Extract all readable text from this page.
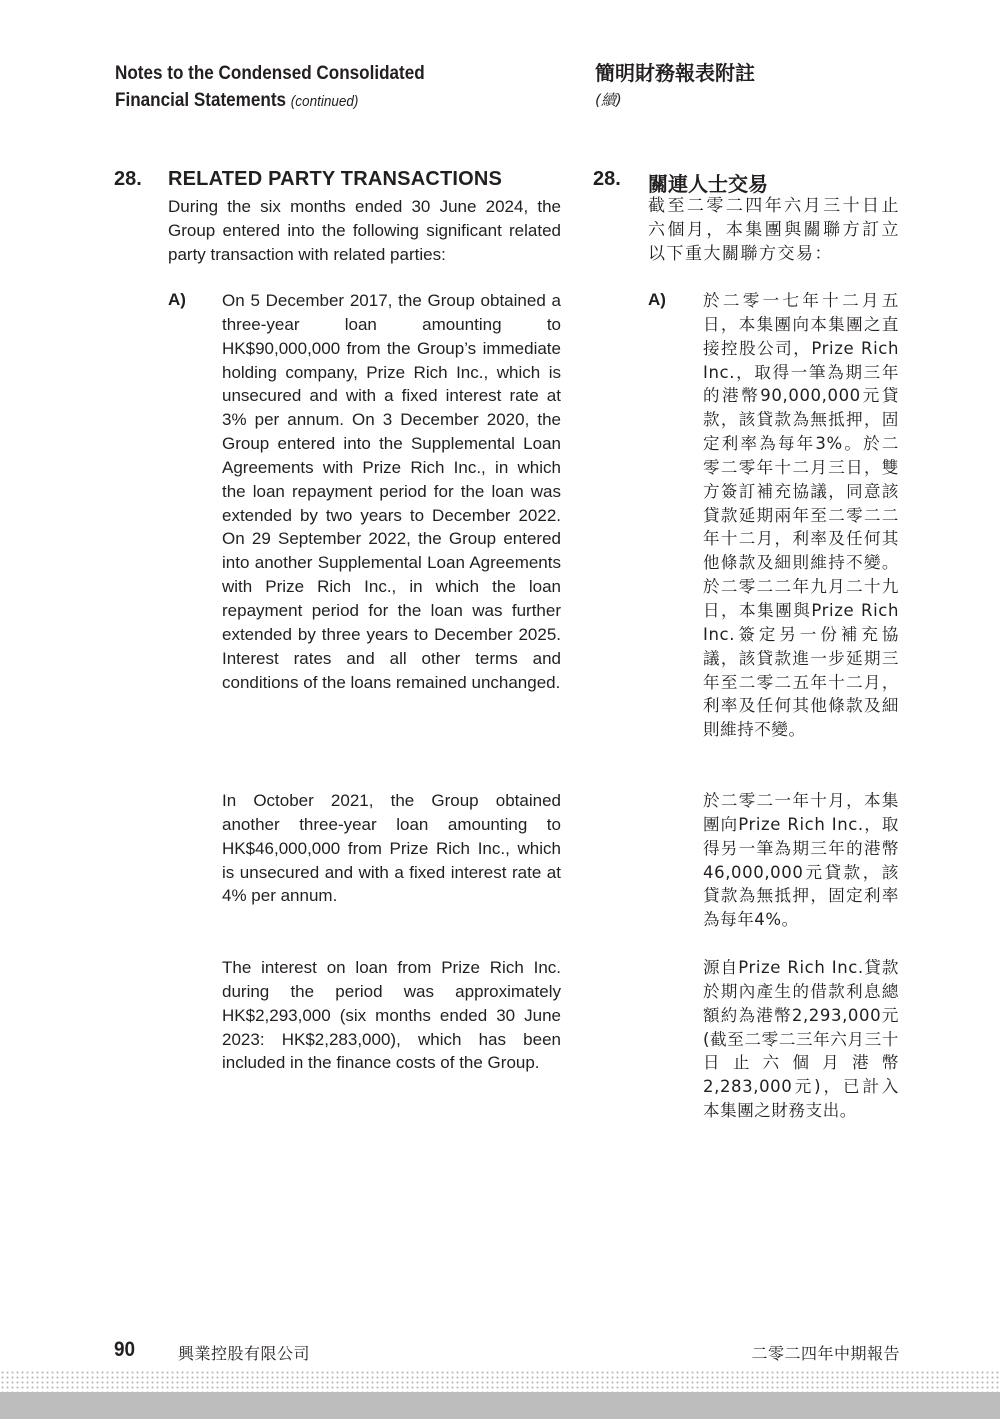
Notes to the Condensed Consolidated
Financial Statements (continued)
簡明財務報表附註
(續)
28. RELATED PARTY TRANSACTIONS	28. 關連人士交易
During the six months ended 30 June 2024, the Group entered into the following significant related party transaction with related parties:
截至二零二四年六月三十日止六個月，本集團與關聯方訂立以下重大關聯方交易：
A)	A)
On 5 December 2017, the Group obtained a three-year loan amounting to HK$90,000,000 from the Group’s immediate holding company, Prize Rich Inc., which is unsecured and with a fixed interest rate at 3% per annum. On 3 December 2020, the Group entered into the Supplemental Loan Agreements with Prize Rich Inc., in which the loan repayment period for the loan was extended by two years to December 2022. On 29 September 2022, the Group entered into another Supplemental Loan Agreements with Prize Rich Inc., in which the loan repayment period for the loan was further extended by three years to December 2025. Interest rates and all other terms and conditions of the loans remained unchanged.
In October 2021, the Group obtained another three-year loan amounting to HK$46,000,000 from Prize Rich Inc., which is unsecured and with a fixed interest rate at 4% per annum.
The interest on loan from Prize Rich Inc. during the period was approximately HK$2,293,000 (six months ended 30 June 2023: HK$2,283,000), which has been included in the finance costs of the Group.
於二零一七年十二月五日，本集團向本集團之直接控股公司，Prize Rich Inc.，取得一筆為期三年的港幣90,000,000元貸款，該貸款為無抵押，固定利率為每年3%。於二零二零年十二月三日，雙方簽訂補充協議，同意該貸款延期兩年至二零二二年十二月，利率及任何其他條款及細則維持不變。於二零二二年九月二十九日，本集團與Prize Rich Inc.簽定另一份補充協議，該貸款進一步延期三年至二零二五年十二月，利率及任何其他條款及細則維持不變。
於二零二一年十月，本集團向Prize Rich Inc.，取得另一筆為期三年的港幣46,000,000元貸款，該貸款為無抵押，固定利率為每年4%。
源自Prize Rich Inc.貸款於期內產生的借款利息總額約為港幣2,293,000元(截至二零二三年六月三十日止六個月港幣2,283,000元)，已計入本集團之財務支出。
90	興業控股有限公司	二零二四年中期報告
